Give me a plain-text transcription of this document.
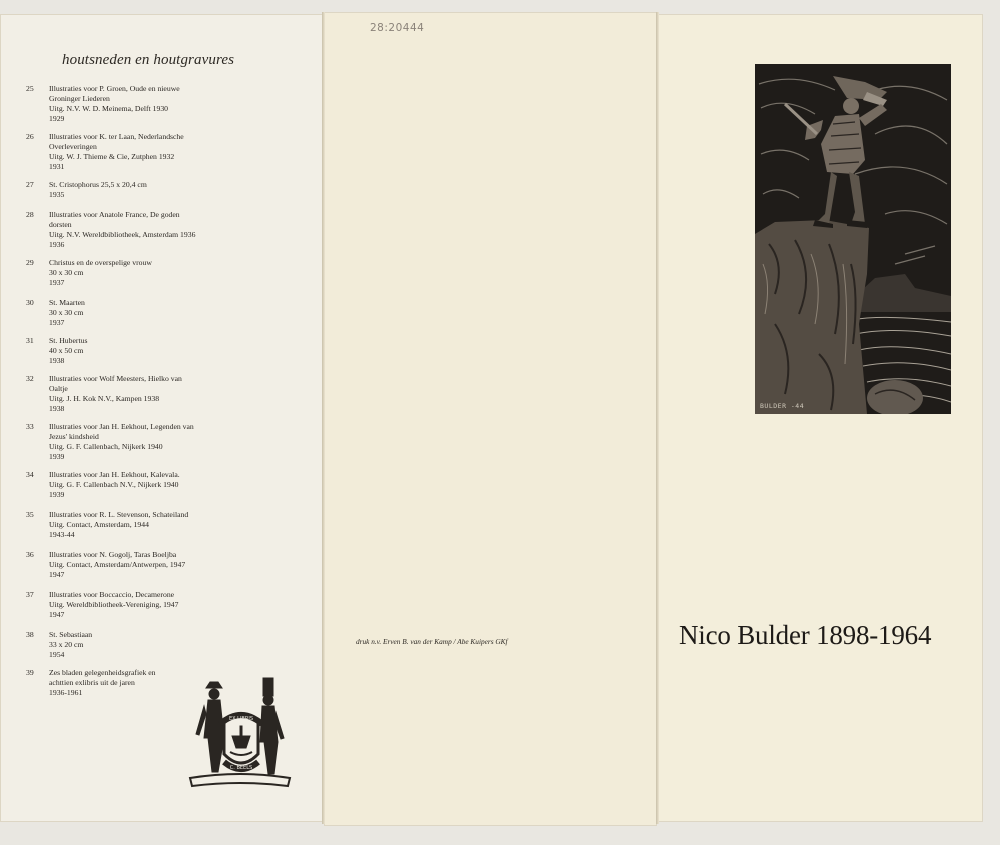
houtsneden en houtgravures
25	Illustraties voor P. Groen, Oude en nieuwe
Groninger Liederen
Uitg. N.V. W. D. Meinema, Delft 1930
1929
26	Illustraties voor K. ter Laan, Nederlandsche
Overleveringen
Uitg. W. J. Thieme & Cie, Zutphen 1932
1931
27	St. Cristophorus 25,5 x 20,4 cm
1935
28	Illustraties voor Anatole France, De goden
dorsten
Uitg. N.V. Wereldbibliotheek, Amsterdam 1936
1936
29	Christus en de overspelige vrouw
30 x 30 cm
1937
30	St. Maarten
30 x 30 cm
1937
31	St. Hubertus
40 x 50 cm
1938
32	Illustraties voor Wolf Meesters, Hielko van
Oaltje
Uitg. J. H. Kok N.V., Kampen 1938
1938
33	Illustraties voor Jan H. Eekhout, Legenden van
Jezus' kindsheid
Uitg. G. F. Callenbach, Nijkerk 1940
1939
34	Illustraties voor Jan H. Eekhout, Kalevala.
Uitg. G. F. Callenbach N.V., Nijkerk 1940
1939
35	Illustraties voor R. L. Stevenson, Schateiland
Uitg. Contact, Amsterdam, 1944
1943-44
36	Illustraties voor N. Gogolj, Taras Boeljba
Uitg. Contact, Amsterdam/Antwerpen, 1947
1947
37	Illustraties voor Boccaccio, Decamerone
Uitg. Wereldbibliotheek-Vereniging, 1947
1947
38	St. Sebastiaan
33 x 20 cm
1954
39	Zes bladen gelegenheidsgrafiek en
achttien exlibris uit de jaren
1936-1961
EX LIBRIS
C. BEELS
28:20444
druk n.v. Erven B. van der Kamp / Abe Kuipers GKf
BULDER -44
Nico Bulder 1898-1964
